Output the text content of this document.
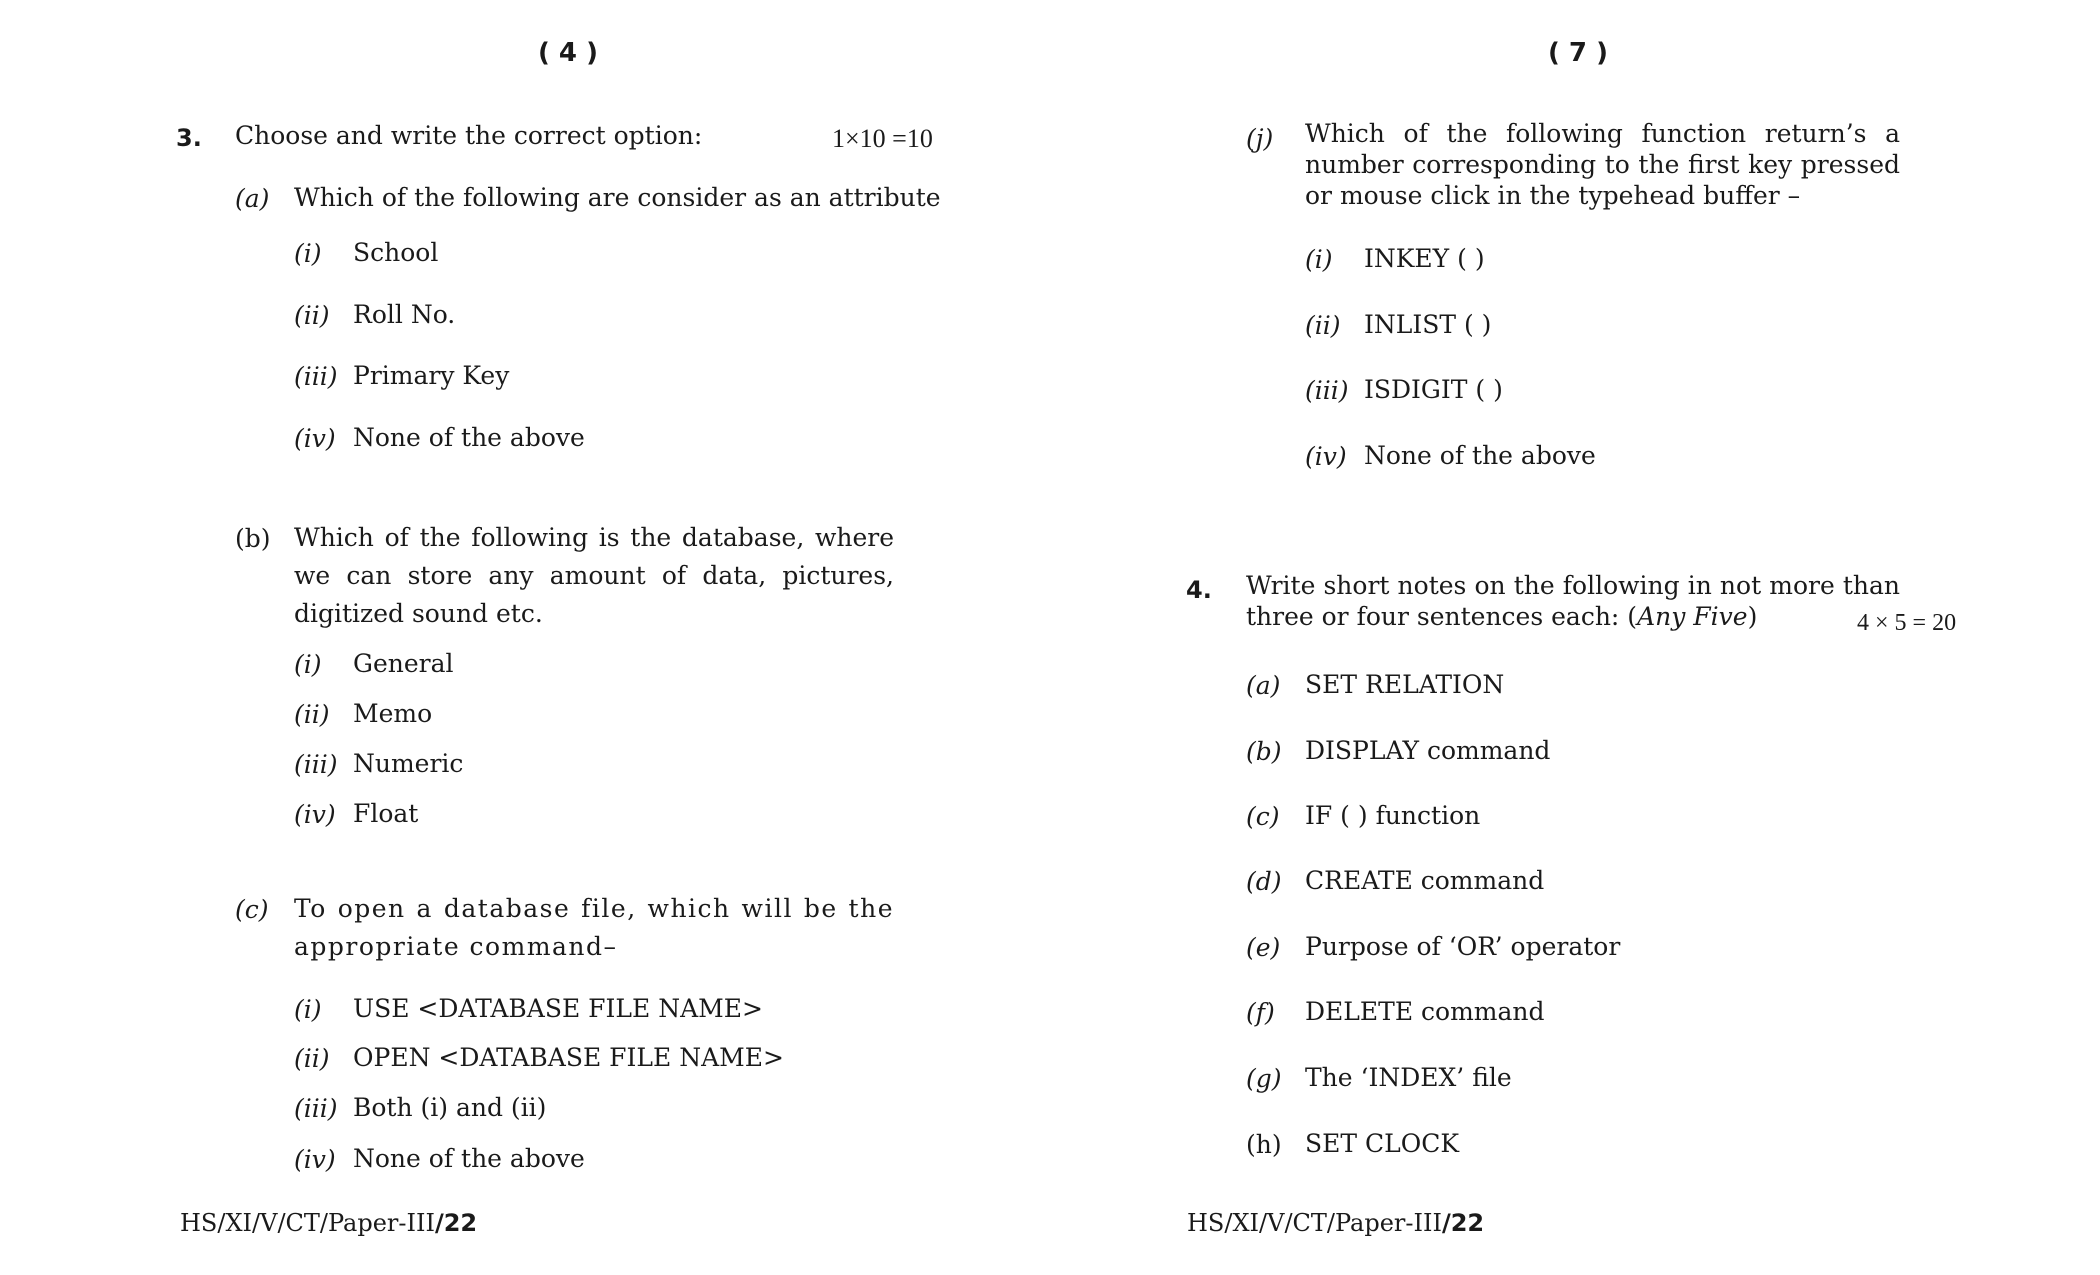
( 4 )
3. Choose and write the correct option:	1×10 =10
(a) Which of the following are consider as an attribute
(i) School
(ii) Roll No.
(iii) Primary Key
(iv) None of the above
(b) Which of the following is the database, where we can store any amount of data, pictures, digitized sound etc.
(i) General
(ii) Memo
(iii) Numeric
(iv) Float
(c) To open a database file, which will be the appropriate command–
(i) USE <DATABASE FILE NAME>
(ii) OPEN <DATABASE FILE NAME>
(iii) Both (i) and (ii)
(iv) None of the above
HS/XI/V/CT/Paper-III/22
( 7 )
(j) Which of the following function return’s a number corresponding to the first key pressed or mouse click in the typehead buffer –
(i) INKEY ( )
(ii) INLIST ( )
(iii) ISDIGIT ( )
(iv) None of the above
4. Write short notes on the following in not more than three or four sentences each: (Any Five)	4 × 5 = 20
(a) SET RELATION
(b) DISPLAY command
(c) IF ( ) function
(d) CREATE command
(e) Purpose of ‘OR’ operator
(f) DELETE command
(g) The ‘INDEX’ file
(h) SET CLOCK
HS/XI/V/CT/Paper-III/22
